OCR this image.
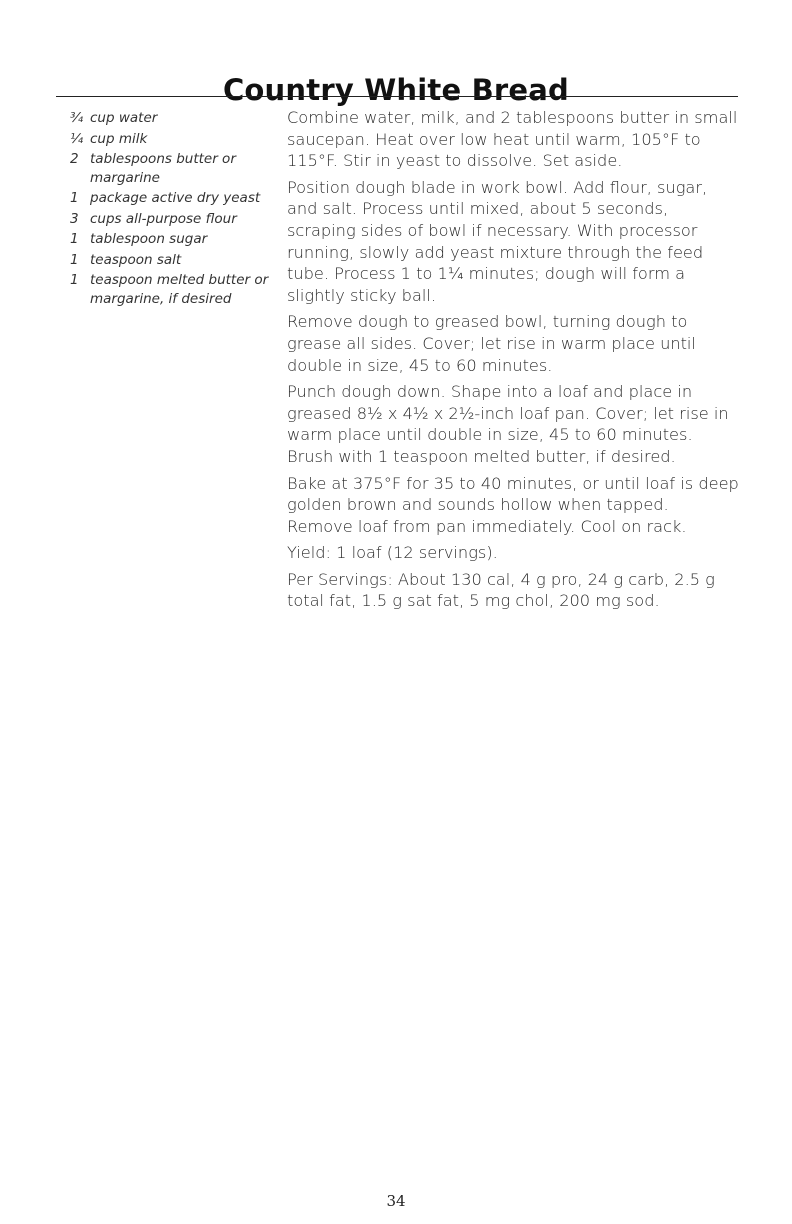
Country White Bread
¾ cup water
¼ cup milk
2 tablespoons butter or margarine
1 package active dry yeast
3 cups all-purpose flour
1 tablespoon sugar
1 teaspoon salt
1 teaspoon melted butter or margarine, if desired

Combine water, milk, and 2 tablespoons butter in small saucepan. Heat over low heat until warm, 105°F to 115°F. Stir in yeast to dissolve. Set aside.

Position dough blade in work bowl. Add flour, sugar, and salt. Process until mixed, about 5 seconds, scraping sides of bowl if necessary. With processor running, slowly add yeast mixture through the feed tube. Process 1 to 1¼ minutes; dough will form a slightly sticky ball.

Remove dough to greased bowl, turning dough to grease all sides. Cover; let rise in warm place until double in size, 45 to 60 minutes.

Punch dough down. Shape into a loaf and place in greased 8½ x 4½ x 2½-inch loaf pan. Cover; let rise in warm place until double in size, 45 to 60 minutes. Brush with 1 teaspoon melted butter, if desired.

Bake at 375°F for 35 to 40 minutes, or until loaf is deep golden brown and sounds hollow when tapped. Remove loaf from pan immediately. Cool on rack.

Yield: 1 loaf (12 servings).

Per Servings: About 130 cal, 4 g pro, 24 g carb, 2.5 g total fat, 1.5 g sat fat, 5 mg chol, 200 mg sod.

34
